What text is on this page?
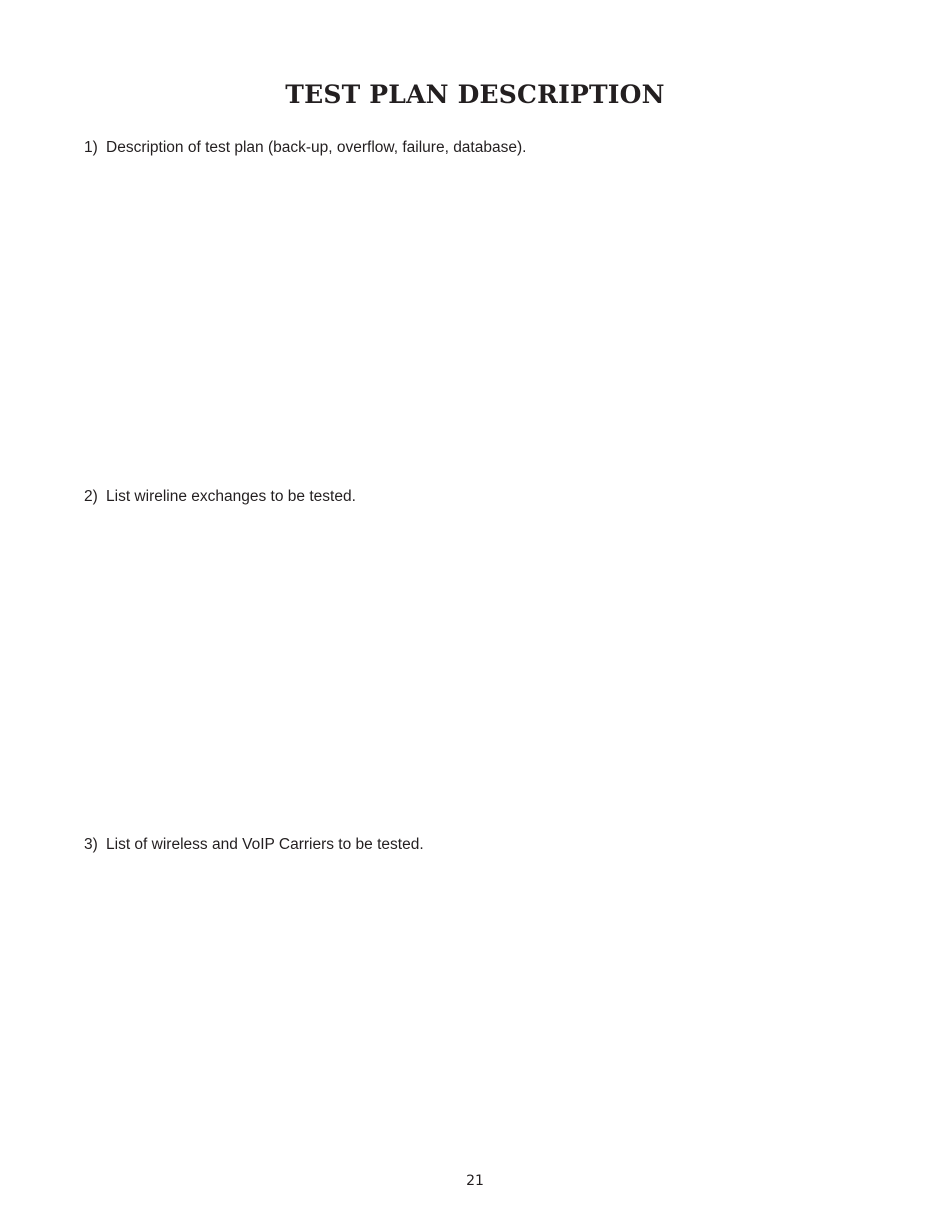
TEST PLAN DESCRIPTION
1) Description of test plan (back-up, overflow, failure, database).
2) List wireline exchanges to be tested.
3) List of wireless and VoIP Carriers to be tested.
21
